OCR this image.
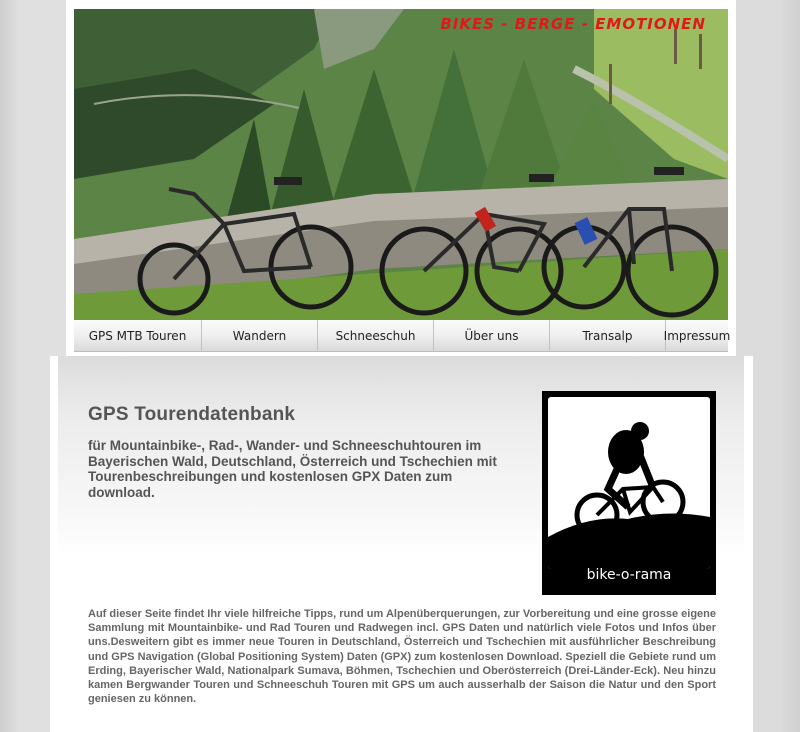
BIKES - BERGE - EMOTIONEN
GPS MTB Touren	Wandern	Schneeschuh	Über uns	Transalp	Impressum
GPS Tourendatenbank

für Mountainbike-, Rad-, Wander- und Schneeschuhtouren im Bayerischen Wald, Deutschland, Österreich und Tschechien mit Tourenbeschreibungen und kostenlosen GPX Daten zum download.

bike-o-rama

Auf dieser Seite findet Ihr viele hilfreiche Tipps, rund um Alpenüberquerungen, zur Vorbereitung und eine grosse eigene Sammlung mit Mountainbike- und Rad Touren und Radwegen incl. GPS Daten und natürlich viele Fotos und Infos über uns.Desweitern gibt es immer neue Touren in Deutschland, Österreich und Tschechien mit ausführlicher Beschreibung und GPS Navigation (Global Positioning System) Daten (GPX) zum kostenlosen Download. Speziell die Gebiete rund um Erding, Bayerischer Wald, Nationalpark Sumava, Böhmen, Tschechien und Oberösterreich (Drei-Länder-Eck). Neu hinzu kamen Bergwander Touren und Schneeschuh Touren mit GPS um auch ausserhalb der Saison die Natur und den Sport geniesen zu können.
